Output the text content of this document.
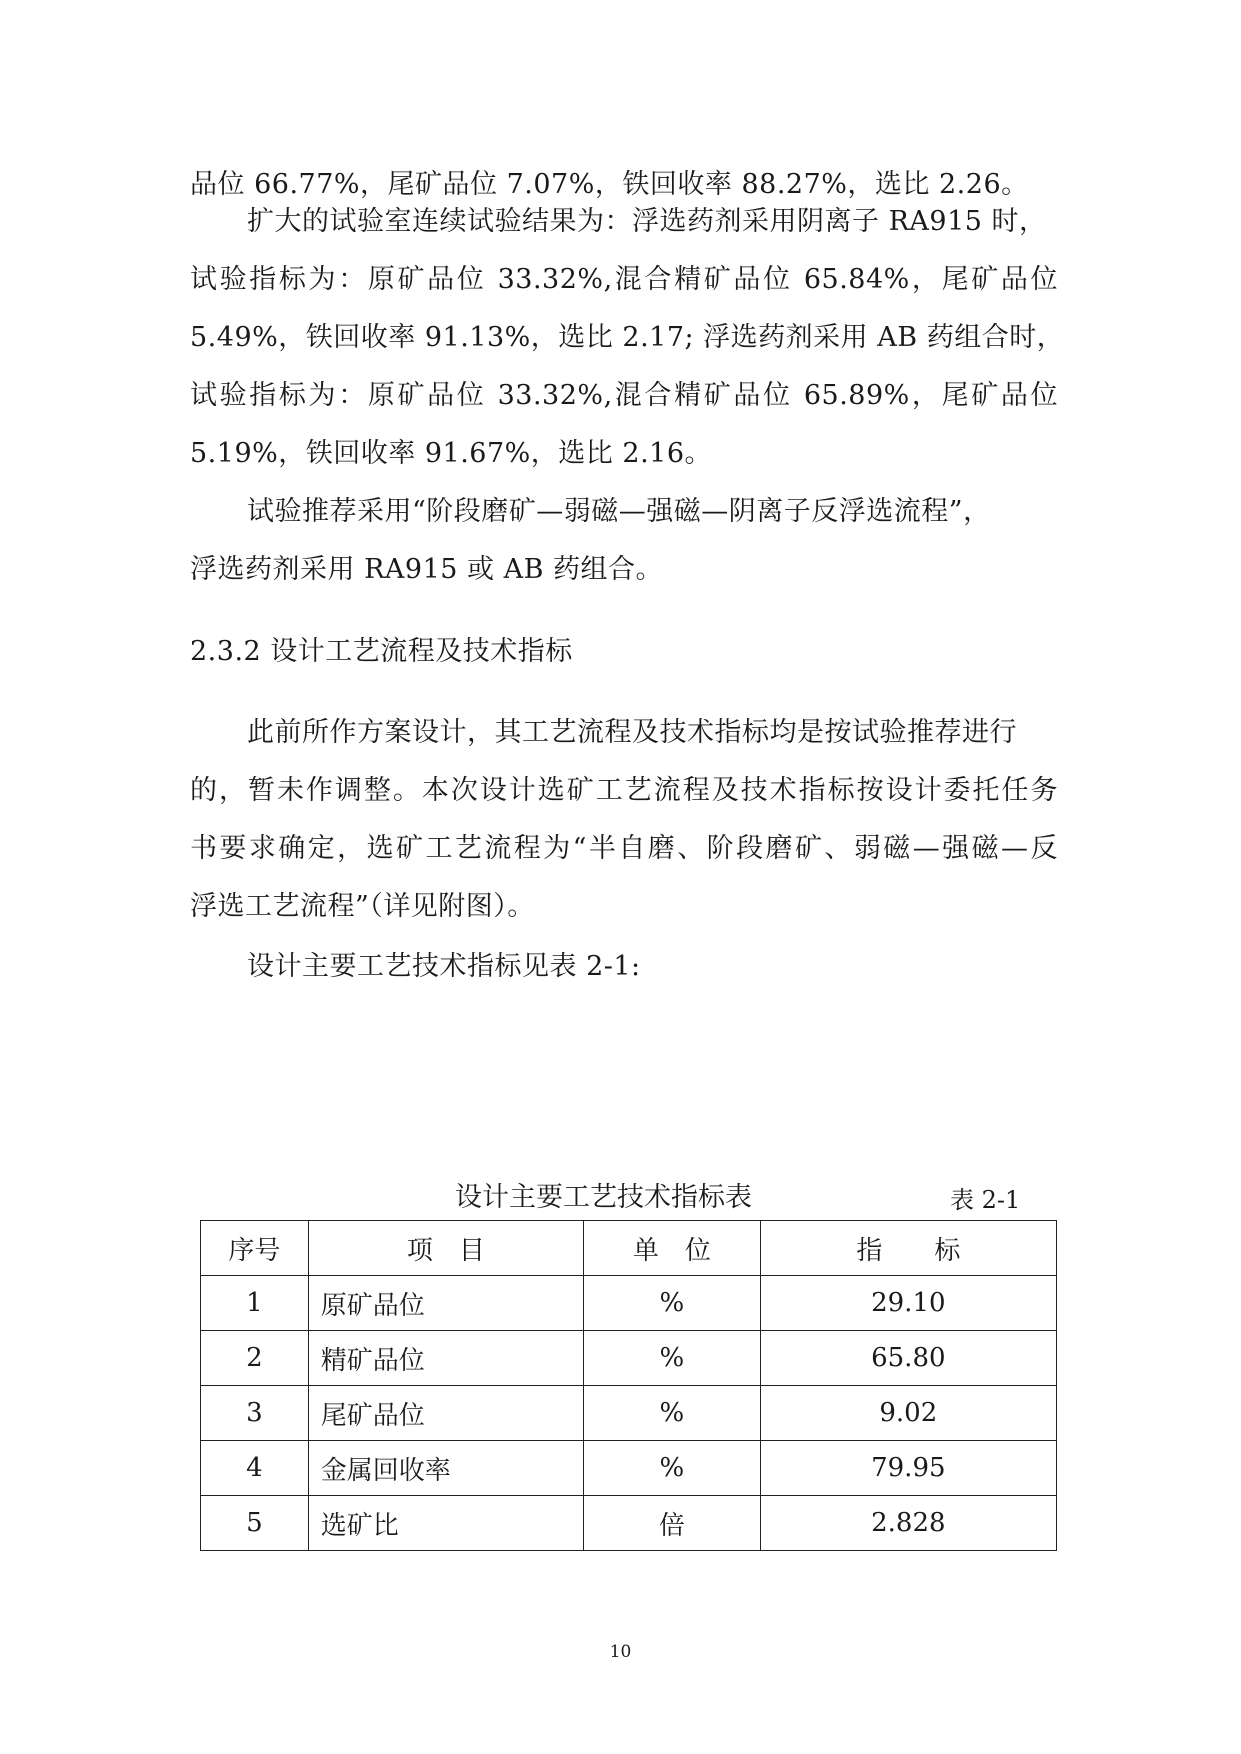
品位 66.77%，尾矿品位 7.07%，铁回收率 88.27%，选比 2.26。
扩大的试验室连续试验结果为：浮选药剂采用阴离子 RA915 时，
试验指标为：原矿品位 33.32%,混合精矿品位 65.84%，尾矿品位
5.49%，铁回收率 91.13%，选比 2.17; 浮选药剂采用 AB 药组合时，
试验指标为：原矿品位 33.32%,混合精矿品位 65.89%，尾矿品位
5.19%，铁回收率 91.67%，选比 2.16。
试验推荐采用“阶段磨矿—弱磁—强磁—阴离子反浮选流程”，
浮选药剂采用 RA915 或 AB 药组合。
2.3.2 设计工艺流程及技术指标
此前所作方案设计，其工艺流程及技术指标均是按试验推荐进行
的，暂未作调整。本次设计选矿工艺流程及技术指标按设计委托任务
书要求确定，选矿工艺流程为“半自磨、阶段磨矿、弱磁—强磁—反
浮选工艺流程”（详见附图）。
设计主要工艺技术指标见表 2-1:
设计主要工艺技术指标表	表 2-1
序号	项　目	单　位	指　　标
1	原矿品位	%	29.10
2	精矿品位	%	65.80
3	尾矿品位	%	9.02
4	金属回收率	%	79.95
5	选矿比	倍	2.828
10
